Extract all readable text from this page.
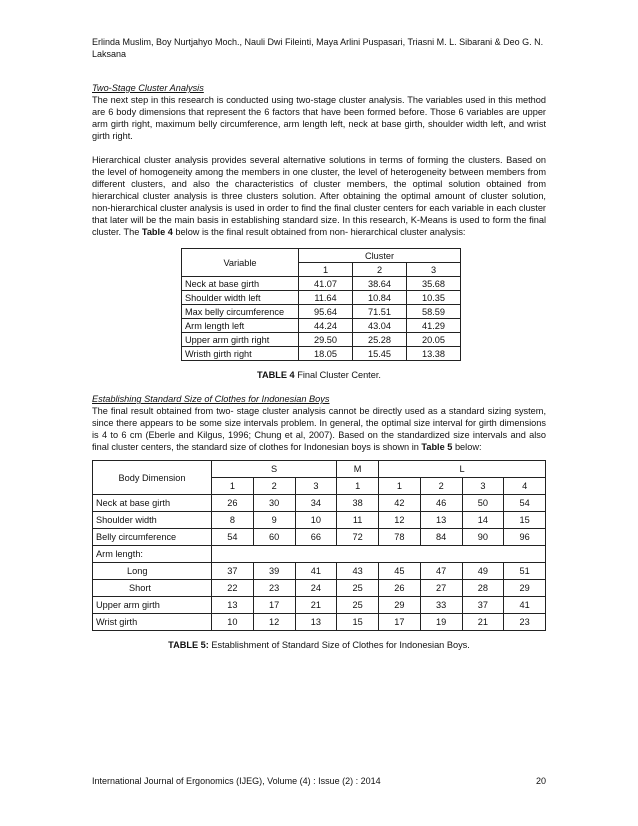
Erlinda Muslim, Boy Nurtjahyo Moch., Nauli Dwi Fileinti, Maya Arlini Puspasari, Triasni M. L. Sibarani & Deo G. N. Laksana
Two-Stage Cluster Analysis

The next step in this research is conducted using two-stage cluster analysis. The variables used in this method are 6 body dimensions that represent the 6 factors that have been formed before. Those 6 variables are upper arm girth right, maximum belly circumference, arm length left, neck at base girth, shoulder width left, and wrist girth right.

Hierarchical cluster analysis provides several alternative solutions in terms of forming the clusters. Based on the level of homogeneity among the members in one cluster, the level of heterogeneity between members from different clusters, and also the characteristics of cluster members, the optimal solution obtained from hierarchical cluster analysis is three clusters solution. After obtaining the optimal amount of cluster solution, non-hierarchical cluster analysis is used in order to find the final cluster centers for each variable in each cluster that later will be the main basis in establishing standard size. In this research, K-Means is used to form the final cluster. The Table 4 below is the final result obtained from non- hierarchical cluster analysis:

Variable	Cluster		
	1	2	3
Neck at base girth	41.07	38.64	35.68
Shoulder width left	11.64	10.84	10.35
Max belly circumference	95.64	71.51	58.59
Arm length left	44.24	43.04	41.29
Upper arm girth right	29.50	25.28	20.05
Wristh girth right	18.05	15.45	13.38
TABLE 4 Final Cluster Center.
Establishing Standard Size of Clothes for Indonesian Boys

The final result obtained from two- stage cluster analysis cannot be directly used as a standard sizing system, since there appears to be some size intervals problem. In general, the optimal size interval for girth dimensions is 4 to 6 cm (Eberle and Kilgus, 1996; Chung et al, 2007). Based on the standardized size intervals and also final cluster centers, the standard size of clothes for Indonesian boys is shown in Table 5 below:

Body Dimension	S			M	L			
	1	2	3	1	1	2	3	4
Neck at base girth	26	30	34	38	42	46	50	54
Shoulder width	8	9	10	11	12	13	14	15
Belly circumference	54	60	66	72	78	84	90	96
Arm length:								
Long	37	39	41	43	45	47	49	51
Short	22	23	24	25	26	27	28	29
Upper arm girth	13	17	21	25	29	33	37	41
Wrist girth	10	12	13	15	17	19	21	23
TABLE 5: Establishment of Standard Size of Clothes for Indonesian Boys.
International Journal of Ergonomics (IJEG), Volume (4) : Issue (2) : 2014	20
